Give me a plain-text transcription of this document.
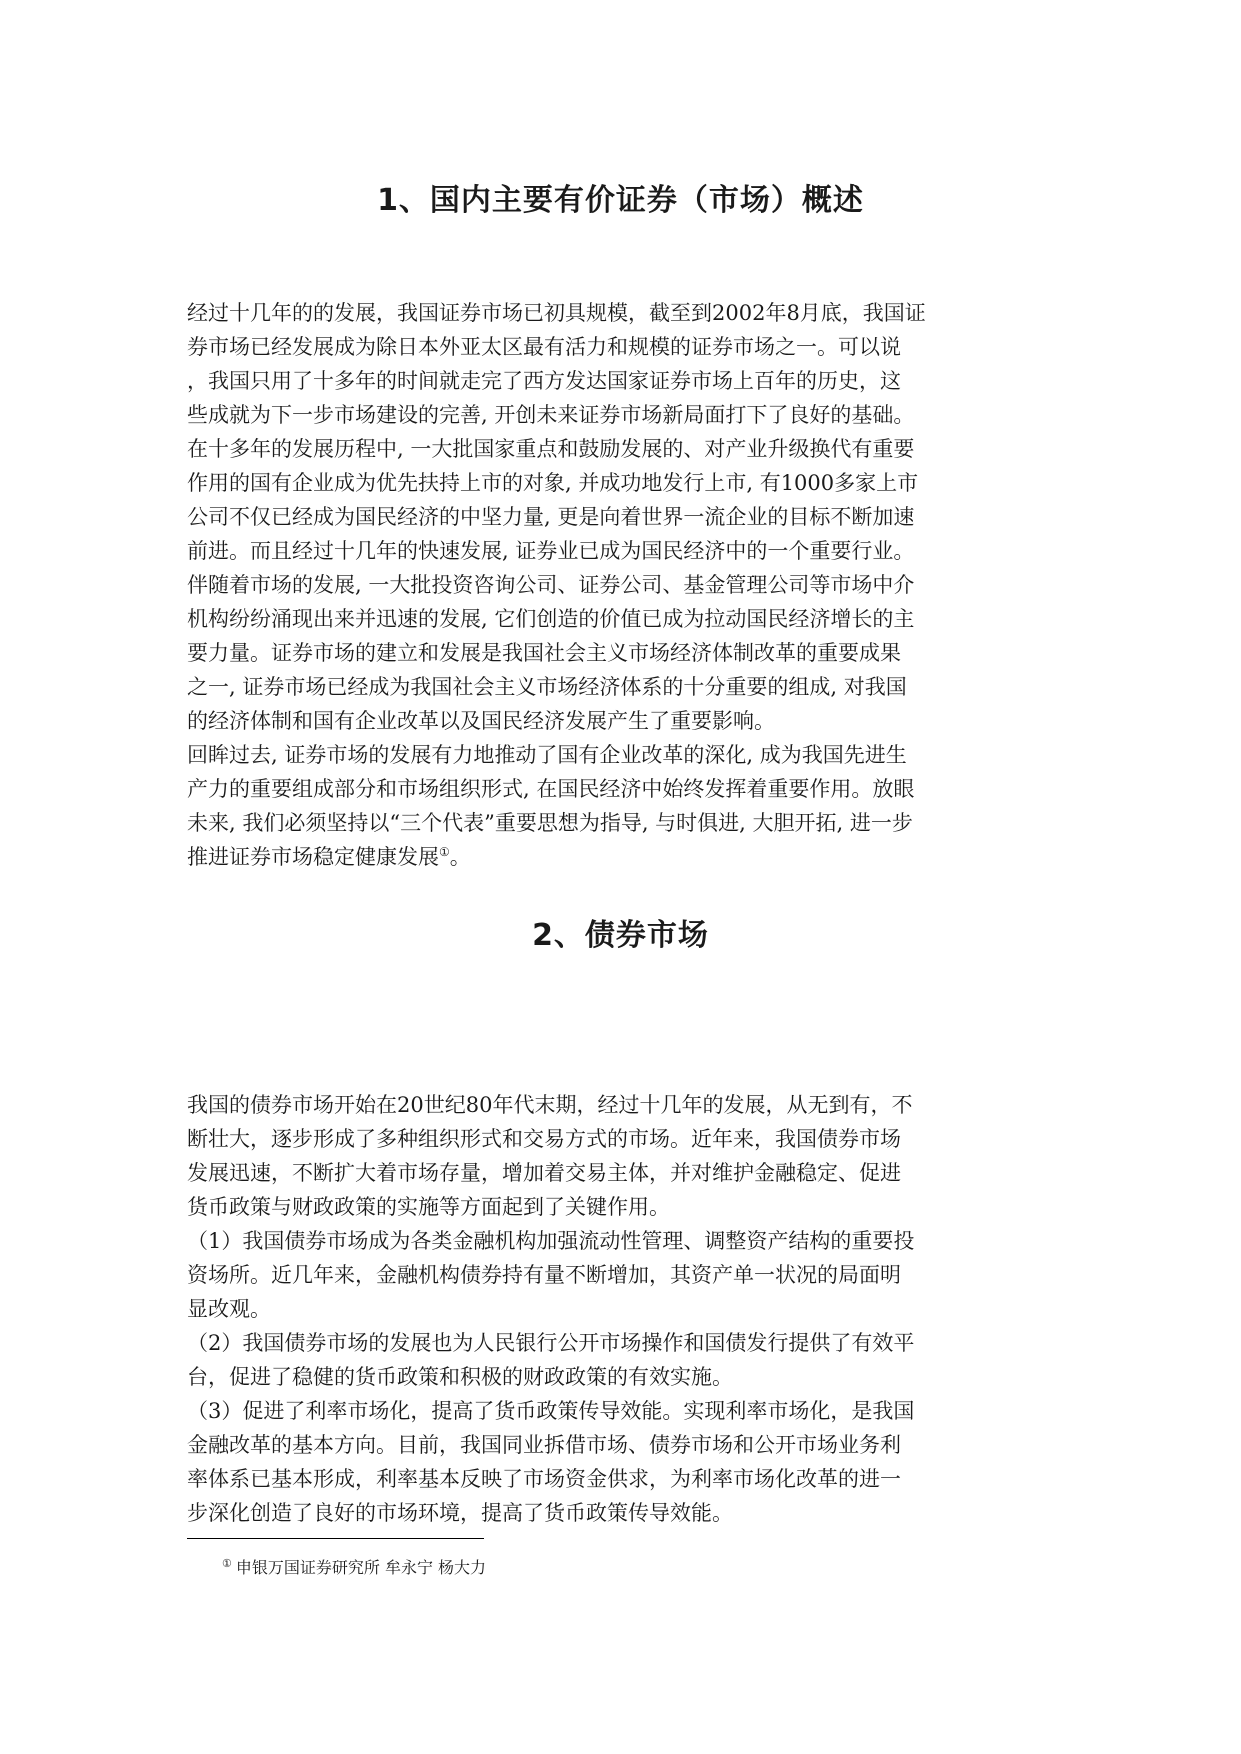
1、国内主要有价证券（市场）概述

经过十几年的的发展，我国证券市场已初具规模，截至到2002年8月底，我国证

券市场已经发展成为除日本外亚太区最有活力和规模的证券市场之一。可以说

，我国只用了十多年的时间就走完了西方发达国家证券市场上百年的历史，这

些成就为下一步市场建设的完善, 开创未来证券市场新局面打下了良好的基础。

在十多年的发展历程中, 一大批国家重点和鼓励发展的、对产业升级换代有重要

作用的国有企业成为优先扶持上市的对象, 并成功地发行上市, 有1000多家上市

公司不仅已经成为国民经济的中坚力量, 更是向着世界一流企业的目标不断加速

前进。而且经过十几年的快速发展, 证券业已成为国民经济中的一个重要行业。

伴随着市场的发展, 一大批投资咨询公司、证券公司、基金管理公司等市场中介

机构纷纷涌现出来并迅速的发展, 它们创造的价值已成为拉动国民经济增长的主

要力量。证券市场的建立和发展是我国社会主义市场经济体制改革的重要成果

之一, 证券市场已经成为我国社会主义市场经济体系的十分重要的组成, 对我国

的经济体制和国有企业改革以及国民经济发展产生了重要影响。

回眸过去, 证券市场的发展有力地推动了国有企业改革的深化, 成为我国先进生

产力的重要组成部分和市场组织形式, 在国民经济中始终发挥着重要作用。放眼

未来, 我们必须坚持以“三个代表”重要思想为指导, 与时俱进, 大胆开拓, 进一步

推进证券市场稳定健康发展①。

2、债券市场

我国的债券市场开始在20世纪80年代末期，经过十几年的发展，从无到有，不

断壮大，逐步形成了多种组织形式和交易方式的市场。近年来，我国债券市场

发展迅速，不断扩大着市场存量，增加着交易主体，并对维护金融稳定、促进

货币政策与财政政策的实施等方面起到了关键作用。

（1）我国债券市场成为各类金融机构加强流动性管理、调整资产结构的重要投

资场所。近几年来，金融机构债券持有量不断增加，其资产单一状况的局面明

显改观。

（2）我国债券市场的发展也为人民银行公开市场操作和国债发行提供了有效平

台，促进了稳健的货币政策和积极的财政政策的有效实施。

（3）促进了利率市场化，提高了货币政策传导效能。实现利率市场化，是我国

金融改革的基本方向。目前，我国同业拆借市场、债券市场和公开市场业务利

率体系已基本形成，利率基本反映了市场资金供求，为利率市场化改革的进一

步深化创造了良好的市场环境，提高了货币政策传导效能。

① 申银万国证券研究所 牟永宁 杨大力
